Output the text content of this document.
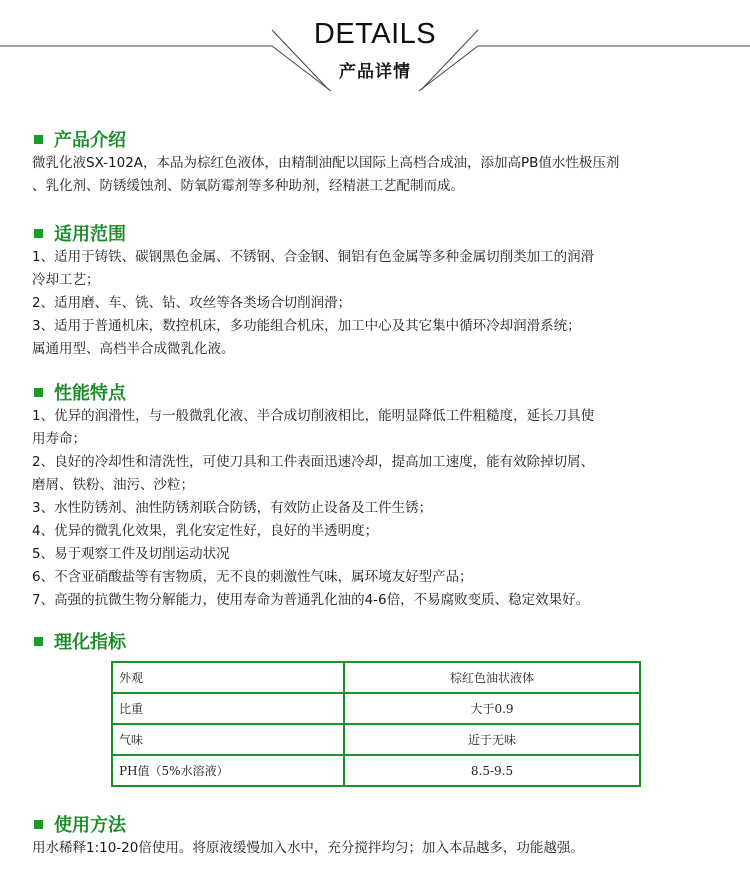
DETAILS
产品详情
产品介绍
微乳化液SX-102A，本品为棕红色液体，由精制油配以国际上高档合成油，添加高PB值水性极压剂
、乳化剂、防锈缓蚀剂、防氧防霉剂等多种助剂，经精湛工艺配制而成。
适用范围
1、适用于铸铁、碳钢黑色金属、不锈钢、合金钢、铜铝有色金属等多种金属切削类加工的润滑
冷却工艺；
2、适用磨、车、铣、钻、攻丝等各类场合切削润滑；
3、适用于普通机床，数控机床，多功能组合机床，加工中心及其它集中循环冷却润滑系统；
属通用型、高档半合成微乳化液。
性能特点
1、优异的润滑性，与一般微乳化液、半合成切削液相比，能明显降低工件粗糙度，延长刀具使
用寿命；
2、良好的冷却性和清洗性，可使刀具和工件表面迅速冷却，提高加工速度，能有效除掉切屑、
磨屑、铁粉、油污、沙粒；
3、水性防锈剂、油性防锈剂联合防锈，有效防止设备及工件生锈；
4、优异的微乳化效果，乳化安定性好，良好的半透明度；
5、易于观察工件及切削运动状况
6、不含亚硝酸盐等有害物质，无不良的刺激性气味，属环境友好型产品；
7、高强的抗微生物分解能力，使用寿命为普通乳化油的4-6倍，不易腐败变质、稳定效果好。
理化指标
外观	棕红色油状液体
比重	大于0.9
气味	近于无味
PH值（5%水溶液）	8.5-9.5
使用方法
用水稀释1:10-20倍使用。将原液缓慢加入水中，充分搅拌均匀；加入本品越多，功能越强。
